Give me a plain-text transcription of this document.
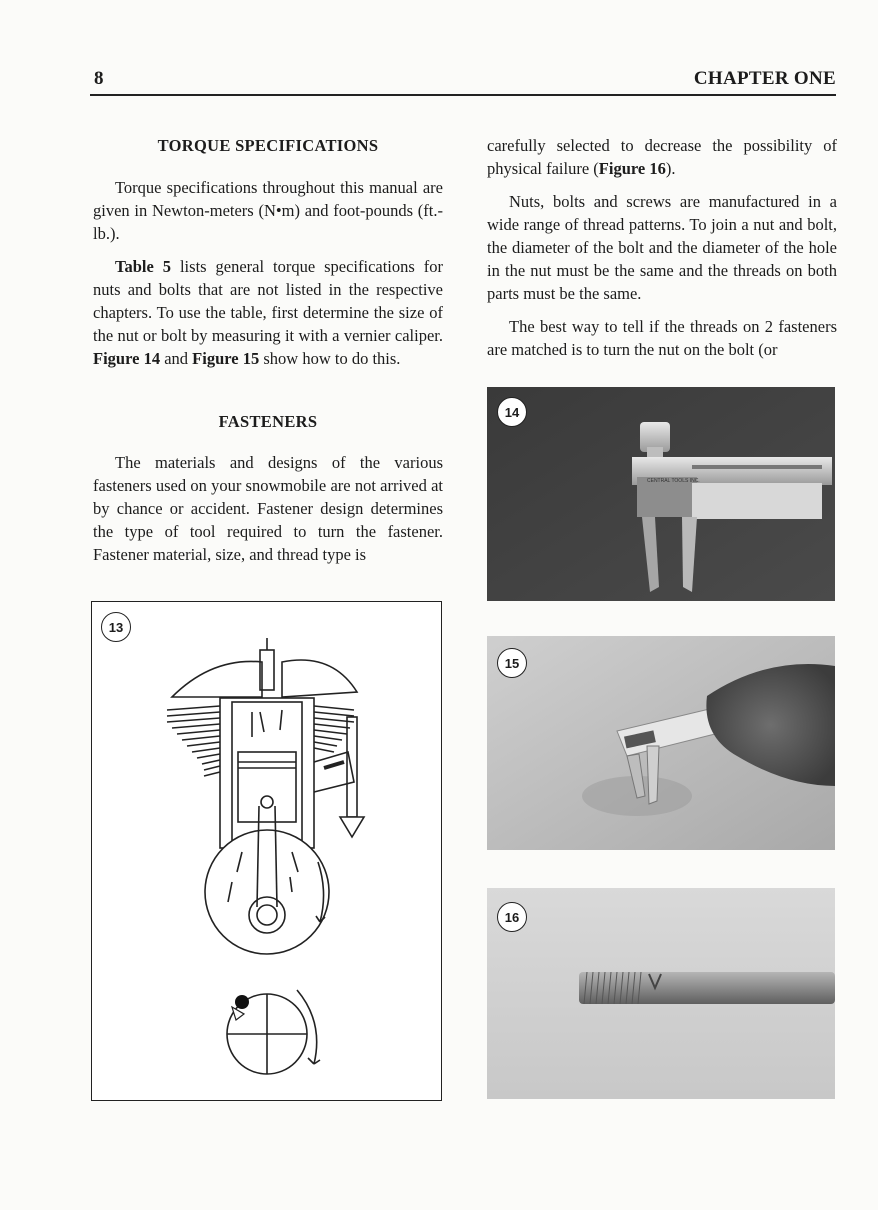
8	CHAPTER ONE
TORQUE SPECIFICATIONS

Torque specifications throughout this manual are given in Newton-meters (N•m) and foot-pounds (ft.-lb.).

Table 5 lists general torque specifications for nuts and bolts that are not listed in the respective chapters. To use the table, first determine the size of the nut or bolt by measuring it with a vernier caliper. Figure 14 and Figure 15 show how to do this.

FASTENERS

The materials and designs of the various fasteners used on your snowmobile are not arrived at by chance or accident. Fastener design determines the type of tool required to turn the fastener. Fastener material, size, and thread type is

carefully selected to decrease the possibility of physical failure (Figure 16).

Nuts, bolts and screws are manufactured in a wide range of thread patterns. To join a nut and bolt, the diameter of the bolt and the diameter of the hole in the nut must be the same and the threads on both parts must be the same.

The best way to tell if the threads on 2 fasteners are matched is to turn the nut on the bolt (or

13
CENTRAL TOOLS INC.
14
15
16
